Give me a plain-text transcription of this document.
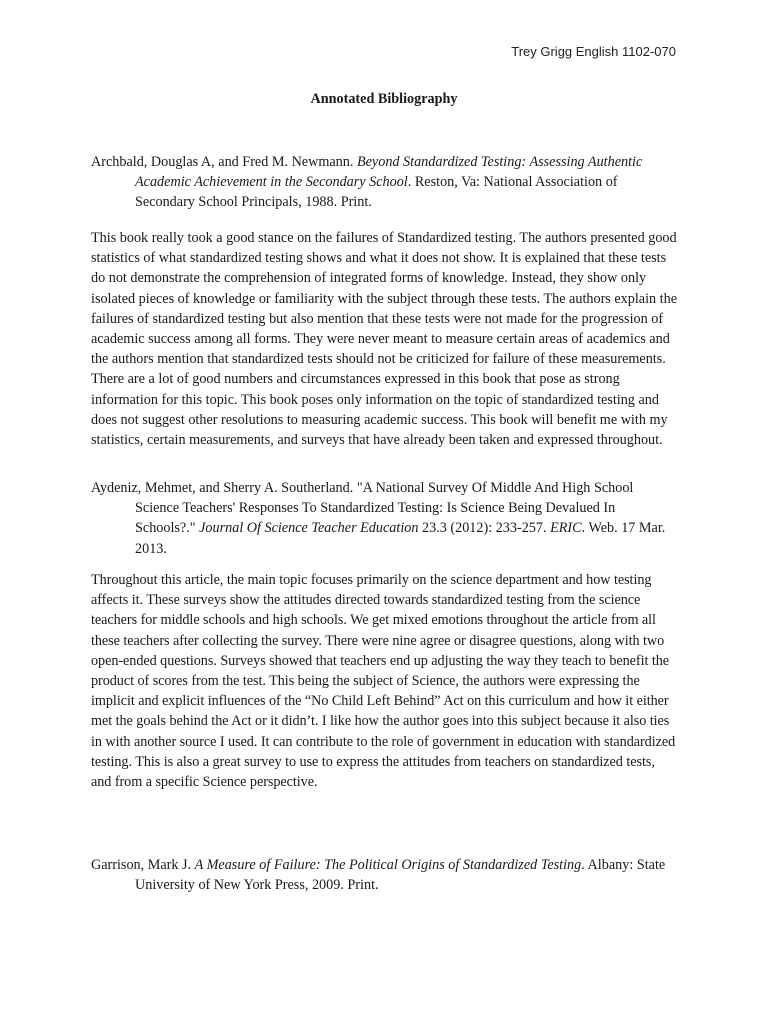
Trey Grigg English 1102-070
Annotated Bibliography

Archbald, Douglas A, and Fred M. Newmann. Beyond Standardized Testing: Assessing Authentic Academic Achievement in the Secondary School. Reston, Va: National Association of Secondary School Principals, 1988. Print.

This book really took a good stance on the failures of Standardized testing. The authors presented good statistics of what standardized testing shows and what it does not show. It is explained that these tests do not demonstrate the comprehension of integrated forms of knowledge. Instead, they show only isolated pieces of knowledge or familiarity with the subject through these tests. The authors explain the failures of standardized testing but also mention that these tests were not made for the progression of academic success among all forms. They were never meant to measure certain areas of academics and the authors mention that standardized tests should not be criticized for failure of these measurements. There are a lot of good numbers and circumstances expressed in this book that pose as strong information for this topic. This book poses only information on the topic of standardized testing and does not suggest other resolutions to measuring academic success. This book will benefit me with my statistics, certain measurements, and surveys that have already been taken and expressed throughout.

Aydeniz, Mehmet, and Sherry A. Southerland. "A National Survey Of Middle And High School Science Teachers' Responses To Standardized Testing: Is Science Being Devalued In Schools?." Journal Of Science Teacher Education 23.3 (2012): 233-257. ERIC. Web. 17 Mar. 2013.

Throughout this article, the main topic focuses primarily on the science department and how testing affects it. These surveys show the attitudes directed towards standardized testing from the science teachers for middle schools and high schools. We get mixed emotions throughout the article from all these teachers after collecting the survey. There were nine agree or disagree questions, along with two open-ended questions. Surveys showed that teachers end up adjusting the way they teach to benefit the product of scores from the test. This being the subject of Science, the authors were expressing the implicit and explicit influences of the “No Child Left Behind” Act on this curriculum and how it either met the goals behind the Act or it didn’t. I like how the author goes into this subject because it also ties in with another source I used. It can contribute to the role of government in education with standardized testing. This is also a great survey to use to express the attitudes from teachers on standardized tests, and from a specific Science perspective.

Garrison, Mark J. A Measure of Failure: The Political Origins of Standardized Testing. Albany: State University of New York Press, 2009. Print.
